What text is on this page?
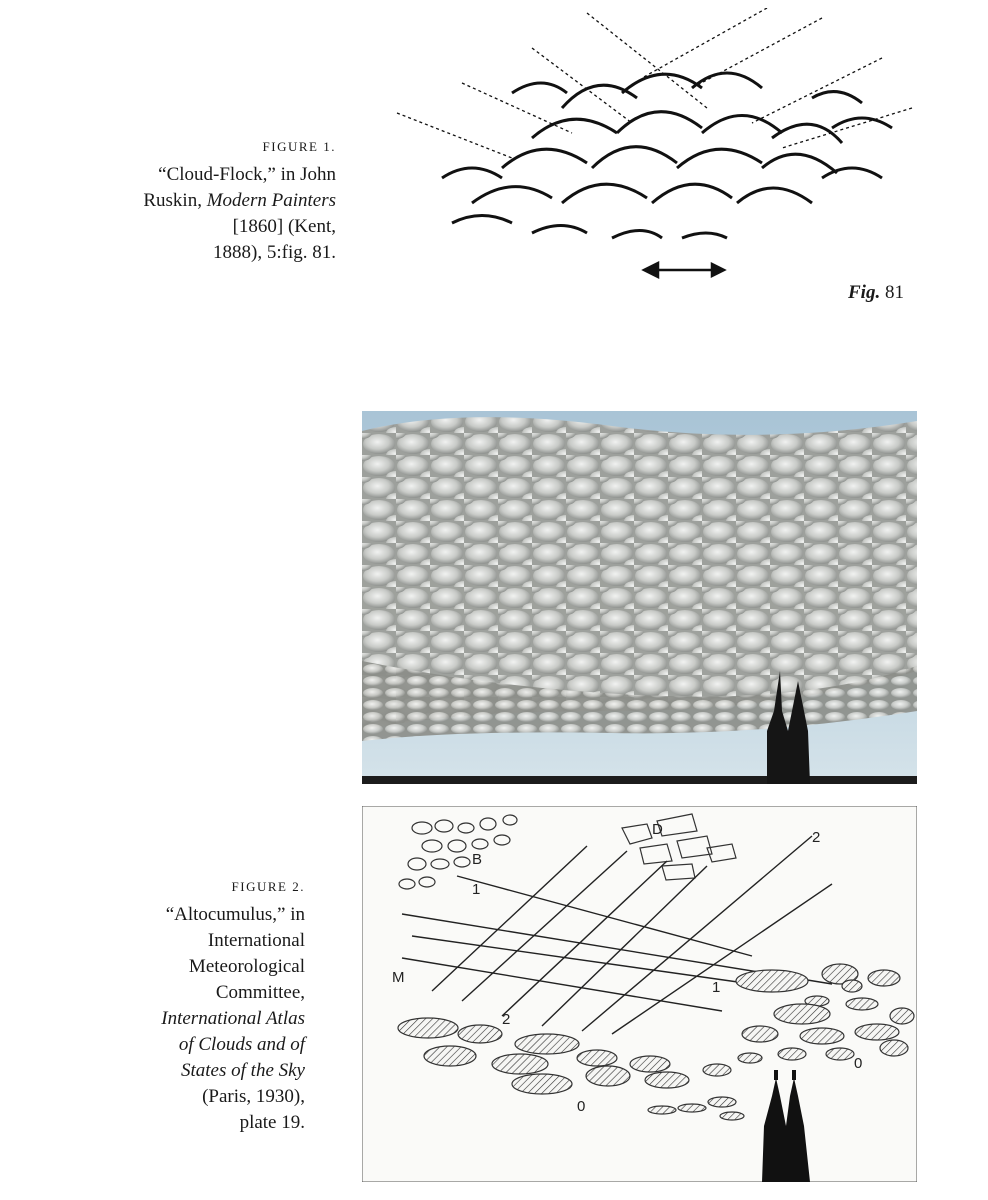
FIGURE 1.
“Cloud-Flock,” in John
Ruskin, Modern Painters
[1860] (Kent,
1888), 5:fig. 81.
Fig. 81
D
B
2
1
M
1
2
0
0
FIGURE 2.
“Altocumulus,” in
International
Meteorological
Committee,
International Atlas
of Clouds and of
States of the Sky
(Paris, 1930),
plate 19.
